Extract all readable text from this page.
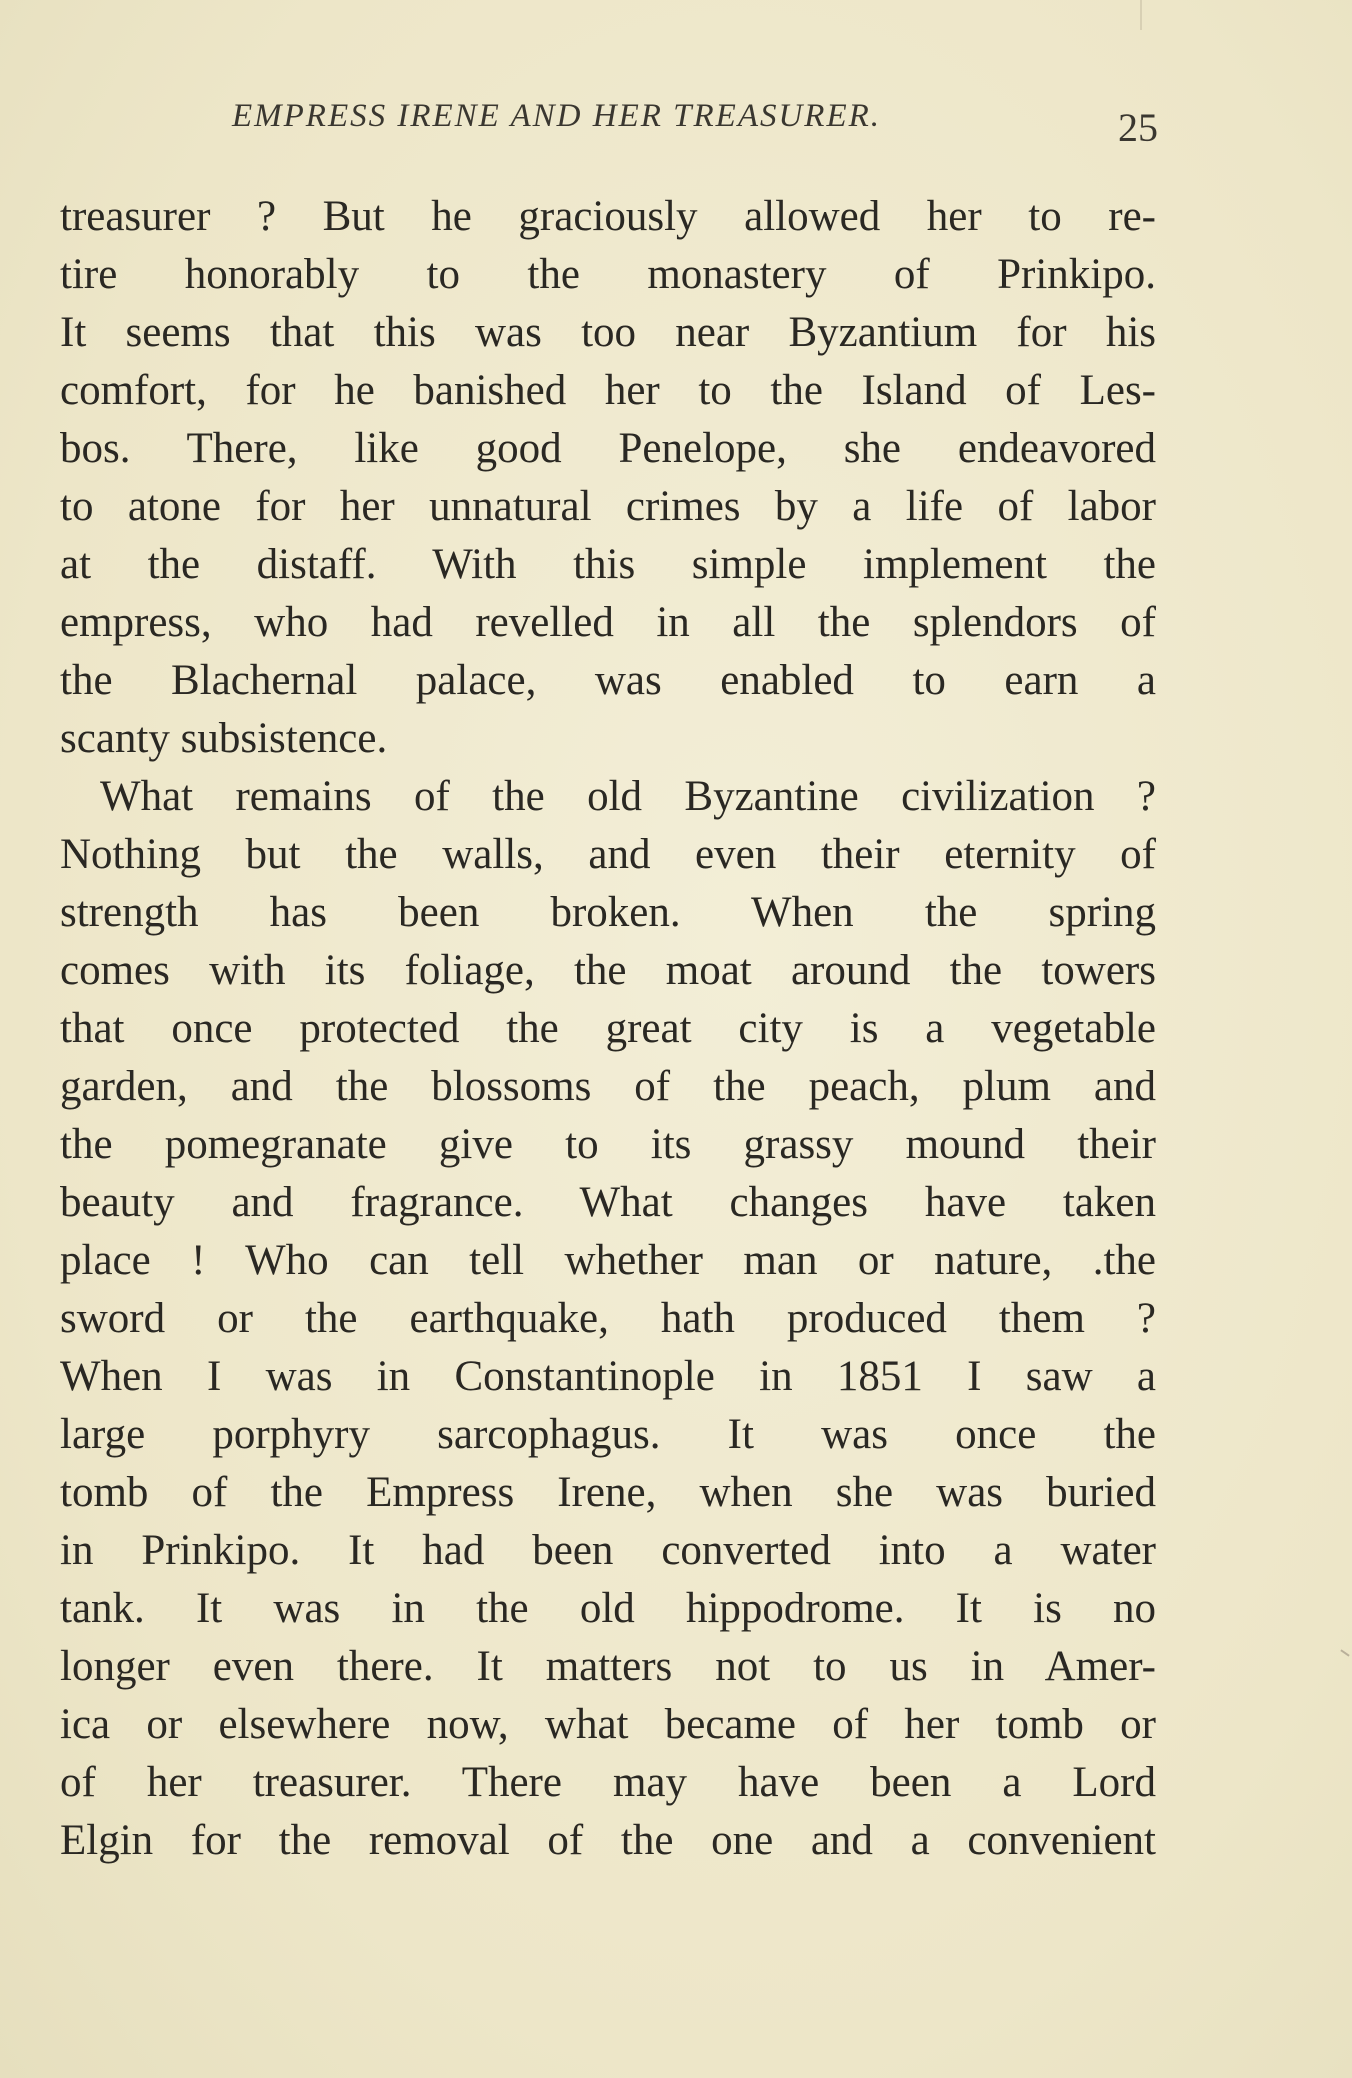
EMPRESS IRENE AND HER TREASURER.	25
treasurer ? But he graciously allowed her to re-
tire honorably to the monastery of Prinkipo.
It seems that this was too near Byzantium for his
comfort, for he banished her to the Island of Les-
bos. There, like good Penelope, she endeavored
to atone for her unnatural crimes by a life of labor
at the distaff. With this simple implement the
empress, who had revelled in all the splendors of
the Blachernal palace, was enabled to earn a
scanty subsistence.
What remains of the old Byzantine civilization ?
Nothing but the walls, and even their eternity of
strength has been broken. When the spring
comes with its foliage, the moat around the towers
that once protected the great city is a vegetable
garden, and the blossoms of the peach, plum and
the pomegranate give to its grassy mound their
beauty and fragrance. What changes have taken
place ! Who can tell whether man or nature, .the
sword or the earthquake, hath produced them ?
When I was in Constantinople in 1851 I saw a
large porphyry sarcophagus. It was once the
tomb of the Empress Irene, when she was buried
in Prinkipo. It had been converted into a water
tank. It was in the old hippodrome. It is no
longer even there. It matters not to us in Amer-
ica or elsewhere now, what became of her tomb or
of her treasurer. There may have been a Lord
Elgin for the removal of the one and a convenient
